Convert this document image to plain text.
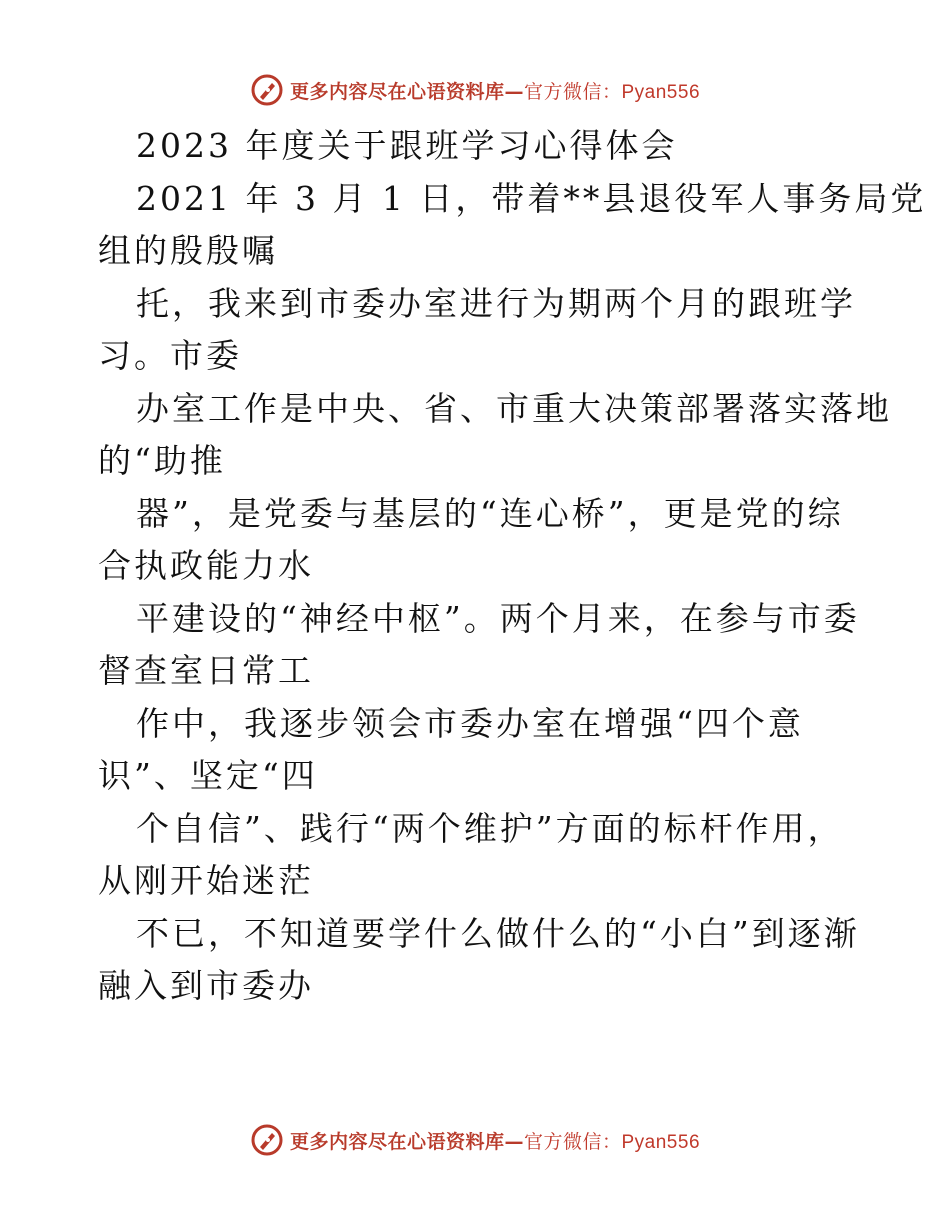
更多内容尽在心语资料库—官方微信：Pyan556
2023 年度关于跟班学习心得体会
2021 年 3 月 1 日，带着**县退役军人事务局党
组的殷殷嘱
托，我来到市委办室进行为期两个月的跟班学
习。市委
办室工作是中央、省、市重大决策部署落实落地
的“助推
器”，是党委与基层的“连心桥”，更是党的综
合执政能力水
平建设的“神经中枢”。两个月来，在参与市委
督查室日常工
作中，我逐步领会市委办室在增强“四个意
识”、坚定“四
个自信”、践行“两个维护”方面的标杆作用，
从刚开始迷茫
不已，不知道要学什么做什么的“小白”到逐渐
融入到市委办
更多内容尽在心语资料库—官方微信：Pyan556
